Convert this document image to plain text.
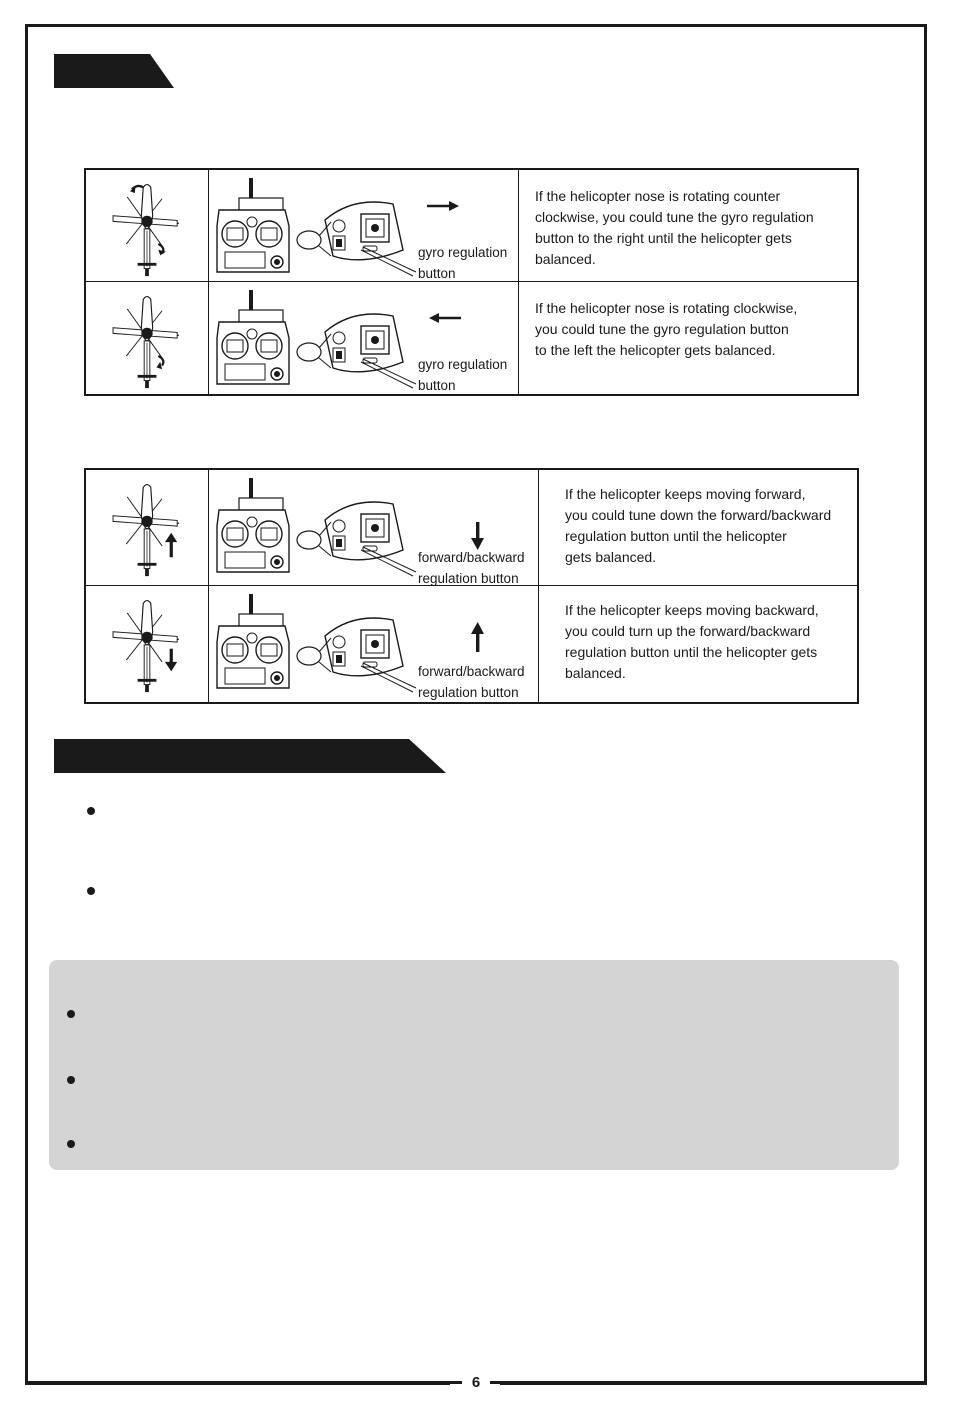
gyro regulation
button

If the helicopter nose is rotating counter

clockwise, you could tune the gyro regulation

button to the right until the helicopter gets

balanced.

gyro regulation
button

If the helicopter nose is rotating clockwise,

you could tune the gyro regulation button

to the left the helicopter gets balanced.

forward/backward
regulation button

If the helicopter keeps moving forward,

you could tune down the forward/backward

regulation button until the helicopter

gets balanced.

forward/backward
regulation button

If the helicopter keeps moving backward,

you could turn up the forward/backward

regulation button until the helicopter gets

balanced.

6
